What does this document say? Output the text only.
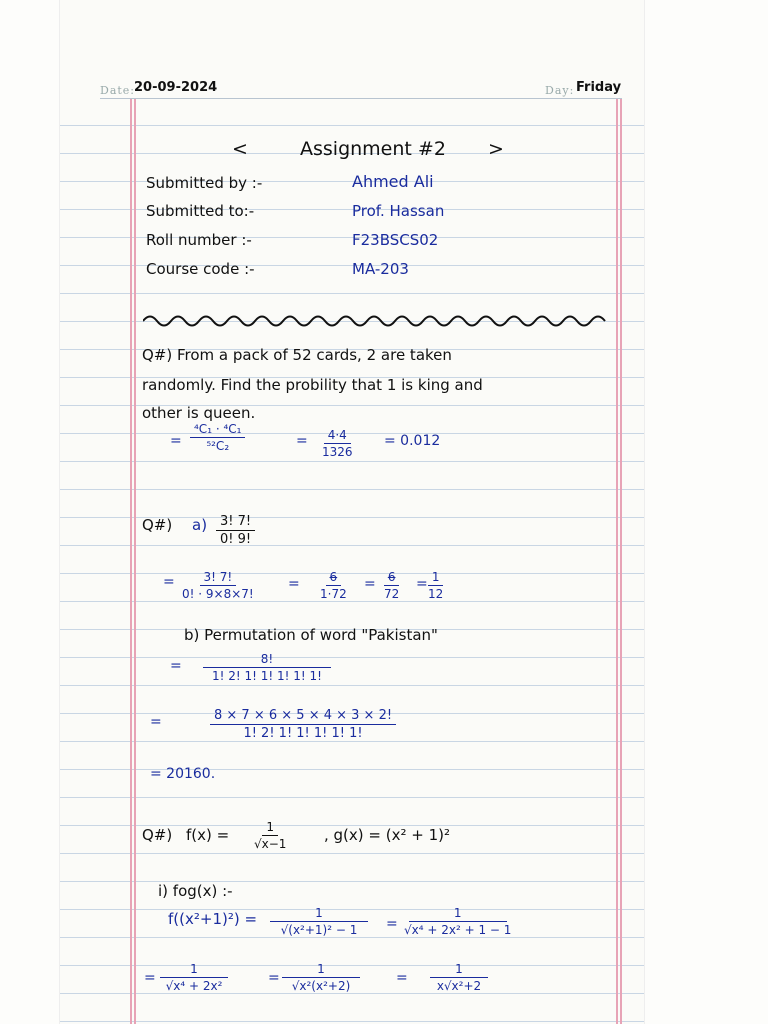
Date:
20-09-2024	Day: Friday
<	Assignment #2 >
Submitted by :-	Ahmed Ali
Submitted to:-	Prof. Hassan
Roll number :-	F23BSCS02
Course code :-	MA-203
Q#) From a pack of 52 cards, 2 are taken
randomly. Find the probility that 1 is king and
other is queen.
= $\frac{\text{⁴C₁ · ⁴C₁}}{\text{⁵²C₂}}$	= $\frac{4\cdot 4}{1326} = 0.012$
Q#) $a) \frac{3! 7!}{0! 9!}$
= $\frac{3! 7!}{0! \cdot 9\times 8\times 7!} = \frac{6}{1\cdot 72} = \frac{6}{72}$ =
$\frac{1}{12}$
b) Permutation of word "Pakistan"
= $\frac{8!}{1! 2! 1! 1! 1! 1! 1!}$
=	$\frac{8 \times 7 \times 6 \times 5 \times 4 \times 3 \times 2!}{1! 2! 1! 1! 1! 1! 1!}$
= 20160.
Q#) $f(x) = \frac{1}{√x-1}$ , g(x) = (x² + 1)²
i) fog(x) :-
$f((x^2+1)^2) = \frac{1}{\text{√(x²+1)² − 1}} = \frac{1}{\text{√x⁴ + 2x² + 1 − 1}}$
= $\frac{1}{\text{√x⁴ + 2x²}}$	= $\frac{1}{\text{√x²(x²+2)}}$	= $\frac{1}{\text{x√x²+2}}$
